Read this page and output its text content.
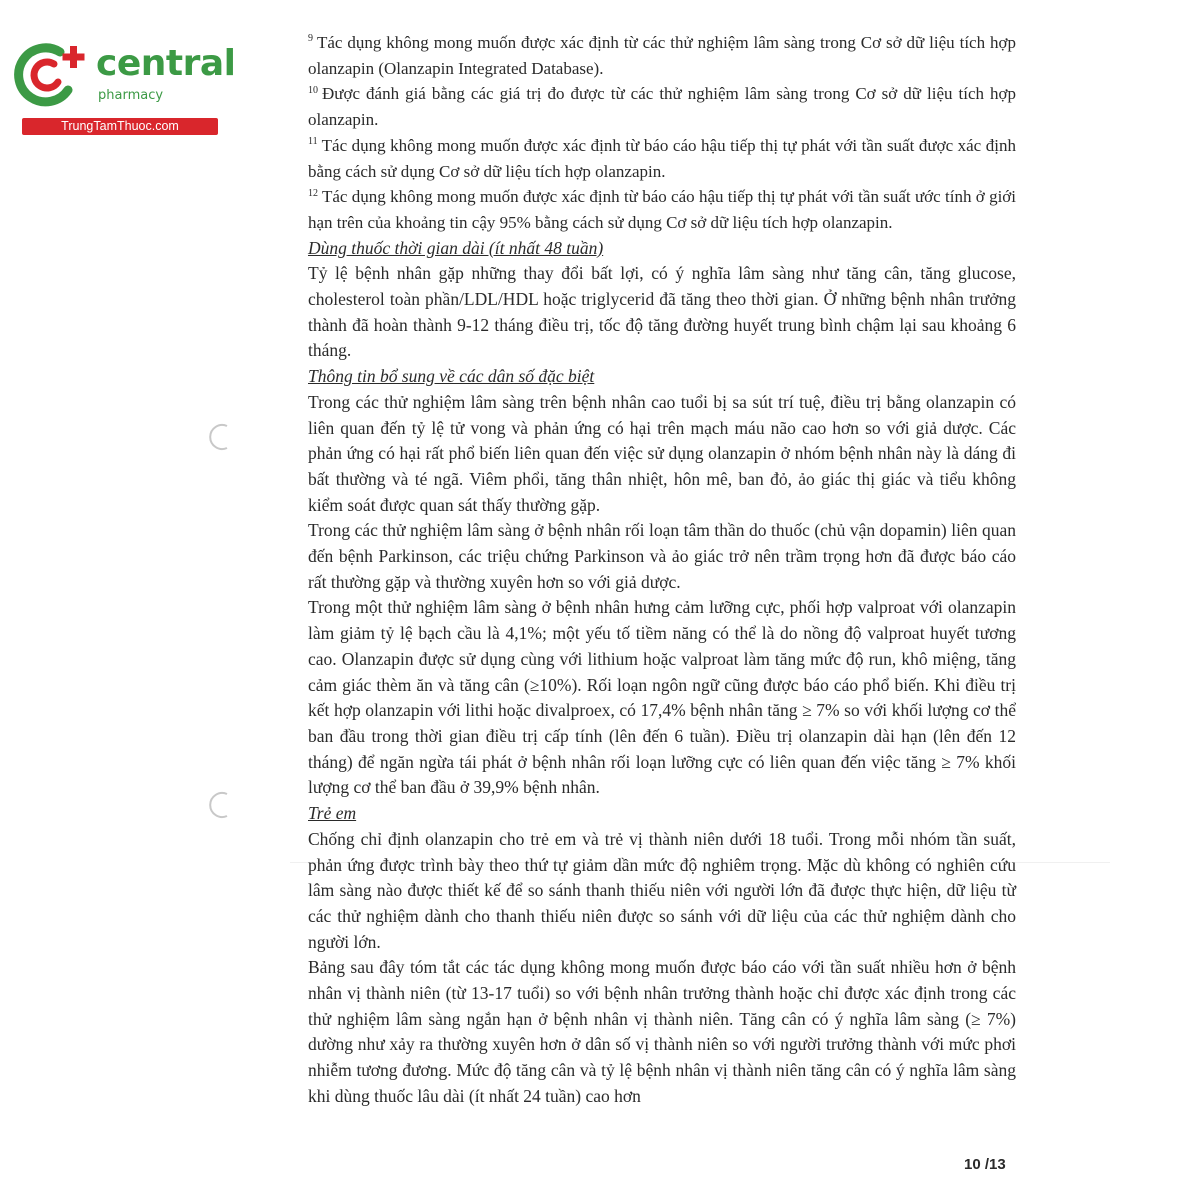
central
pharmacy
TrungTamThuoc.com

$^9$ Tác dụng không mong muốn được xác định từ các thử nghiệm lâm sàng trong Cơ sở dữ liệu tích hợp olanzapin (Olanzapin Integrated Database).

$^{10}$ Được đánh giá bằng các giá trị đo được từ các thử nghiệm lâm sàng trong Cơ sở dữ liệu tích hợp olanzapin.

$^{11}$ Tác dụng không mong muốn được xác định từ báo cáo hậu tiếp thị tự phát với tần suất được xác định bằng cách sử dụng Cơ sở dữ liệu tích hợp olanzapin.

$^{12}$ Tác dụng không mong muốn được xác định từ báo cáo hậu tiếp thị tự phát với tần suất ước tính ở giới hạn trên của khoảng tin cậy 95% bằng cách sử dụng Cơ sở dữ liệu tích hợp olanzapin.

Dùng thuốc thời gian dài (ít nhất 48 tuần)

Tỷ lệ bệnh nhân gặp những thay đổi bất lợi, có ý nghĩa lâm sàng như tăng cân, tăng glucose, cholesterol toàn phần/LDL/HDL hoặc triglycerid đã tăng theo thời gian. Ở những bệnh nhân trưởng thành đã hoàn thành 9-12 tháng điều trị, tốc độ tăng đường huyết trung bình chậm lại sau khoảng 6 tháng.

Thông tin bổ sung về các dân số đặc biệt

Trong các thử nghiệm lâm sàng trên bệnh nhân cao tuổi bị sa sút trí tuệ, điều trị bằng olanzapin có liên quan đến tỷ lệ tử vong và phản ứng có hại trên mạch máu não cao hơn so với giả dược. Các phản ứng có hại rất phổ biến liên quan đến việc sử dụng olanzapin ở nhóm bệnh nhân này là dáng đi bất thường và té ngã. Viêm phổi, tăng thân nhiệt, hôn mê, ban đỏ, ảo giác thị giác và tiểu không kiểm soát được quan sát thấy thường gặp.

Trong các thử nghiệm lâm sàng ở bệnh nhân rối loạn tâm thần do thuốc (chủ vận dopamin) liên quan đến bệnh Parkinson, các triệu chứng Parkinson và ảo giác trở nên trầm trọng hơn đã được báo cáo rất thường gặp và thường xuyên hơn so với giả dược.

Trong một thử nghiệm lâm sàng ở bệnh nhân hưng cảm lưỡng cực, phối hợp valproat với olanzapin làm giảm tỷ lệ bạch cầu là 4,1%; một yếu tố tiềm năng có thể là do nồng độ valproat huyết tương cao. Olanzapin được sử dụng cùng với lithium hoặc valproat làm tăng mức độ run, khô miệng, tăng cảm giác thèm ăn và tăng cân (≥10%). Rối loạn ngôn ngữ cũng được báo cáo phổ biến. Khi điều trị kết hợp olanzapin với lithi hoặc divalproex, có 17,4% bệnh nhân tăng ≥ 7% so với khối lượng cơ thể ban đầu trong thời gian điều trị cấp tính (lên đến 6 tuần). Điều trị olanzapin dài hạn (lên đến 12 tháng) để ngăn ngừa tái phát ở bệnh nhân rối loạn lưỡng cực có liên quan đến việc tăng ≥ 7% khối lượng cơ thể ban đầu ở 39,9% bệnh nhân.

Trẻ em

Chống chỉ định olanzapin cho trẻ em và trẻ vị thành niên dưới 18 tuổi. Trong mỗi nhóm tần suất, phản ứng được trình bày theo thứ tự giảm dần mức độ nghiêm trọng. Mặc dù không có nghiên cứu lâm sàng nào được thiết kế để so sánh thanh thiếu niên với người lớn đã được thực hiện, dữ liệu từ các thử nghiệm dành cho thanh thiếu niên được so sánh với dữ liệu của các thử nghiệm dành cho người lớn.

Bảng sau đây tóm tắt các tác dụng không mong muốn được báo cáo với tần suất nhiều hơn ở bệnh nhân vị thành niên (từ 13-17 tuổi) so với bệnh nhân trưởng thành hoặc chỉ được xác định trong các thử nghiệm lâm sàng ngắn hạn ở bệnh nhân vị thành niên. Tăng cân có ý nghĩa lâm sàng (≥ 7%) dường như xảy ra thường xuyên hơn ở dân số vị thành niên so với người trưởng thành với mức phơi nhiễm tương đương. Mức độ tăng cân và tỷ lệ bệnh nhân vị thành niên tăng cân có ý nghĩa lâm sàng khi dùng thuốc lâu dài (ít nhất 24 tuần) cao hơn

10 /13
